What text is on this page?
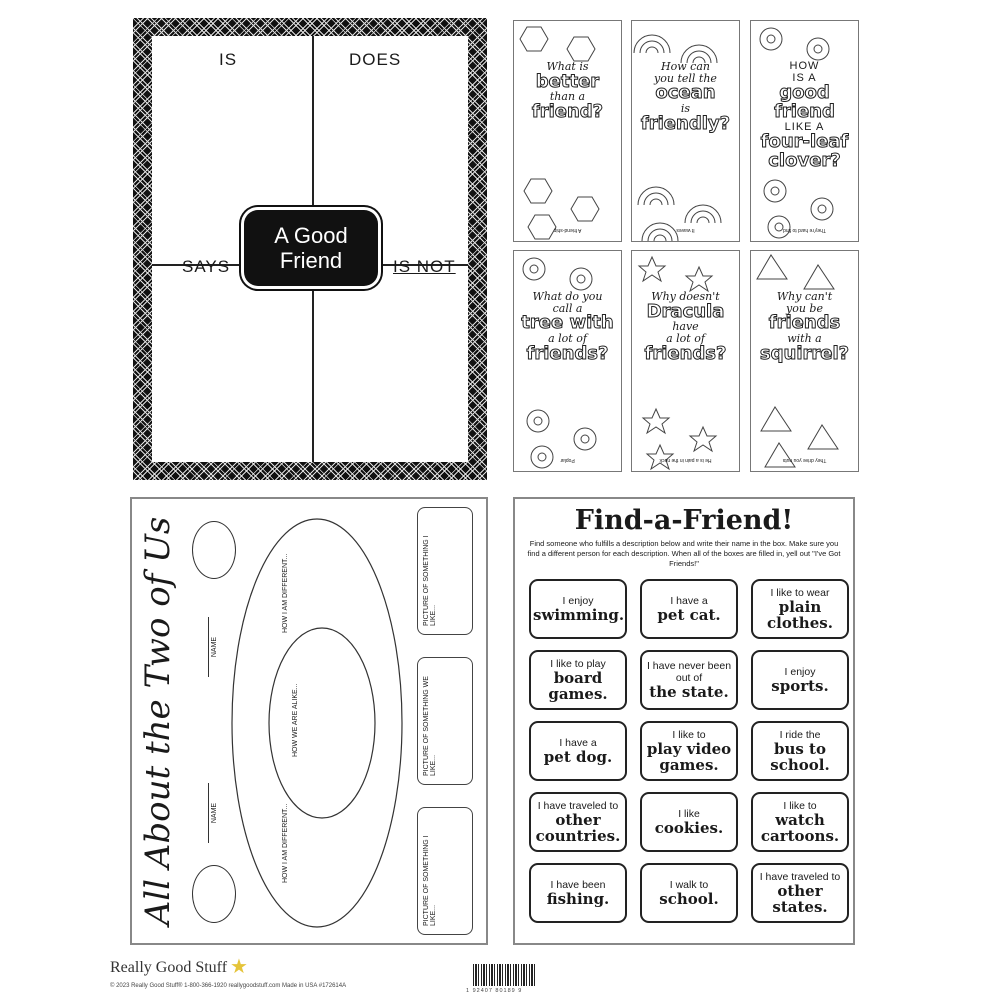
IS	DOES
SAYS	IS NOT
A Good
Friend
What is
better
than a
friend?
A friend-ship
How can
you tell the
ocean
is
friendly?
It waves
HOW
IS A
good
friend
LIKE A
four-leaf
clover?
They're hard to find
What do you
call a
tree with
a lot of
friends?
Poplar
Why doesn't
Dracula
have
a lot of
friends?
He is a pain in the neck
Why can't
you be
friends
with a
squirrel?
They drive you nuts
All About the Two of Us	NAME
NAME
HOW I AM DIFFERENT...
HOW I AM DIFFERENT...
HOW WE ARE ALIKE...
PICTURE OF SOMETHING I LIKE...
PICTURE OF SOMETHING WE LIKE...
PICTURE OF SOMETHING I LIKE...
Find-a-Friend!
Find someone who fulfills a description below and write their name in the box. Make sure you find a different person for each description. When all of the boxes are filled in, yell out "I've Got Friends!"
I enjoy
swimming.
I have a
pet cat.
I like to wear
plain clothes.
I like to play
board games.
I have never been out of
the state.
I enjoy
sports.
I have a
pet dog.
I like to
play video games.
I ride the
bus to school.
I have traveled to
other countries.
I like
cookies.
I like to
watch cartoons.
I have been
fishing.
I walk to
school.
I have traveled to
other states.
Really Good Stuff ★
© 2023 Really Good Stuff® 1-800-366-1920 reallygoodstuff.com Made in USA #172614A
1 92407 80189 9
